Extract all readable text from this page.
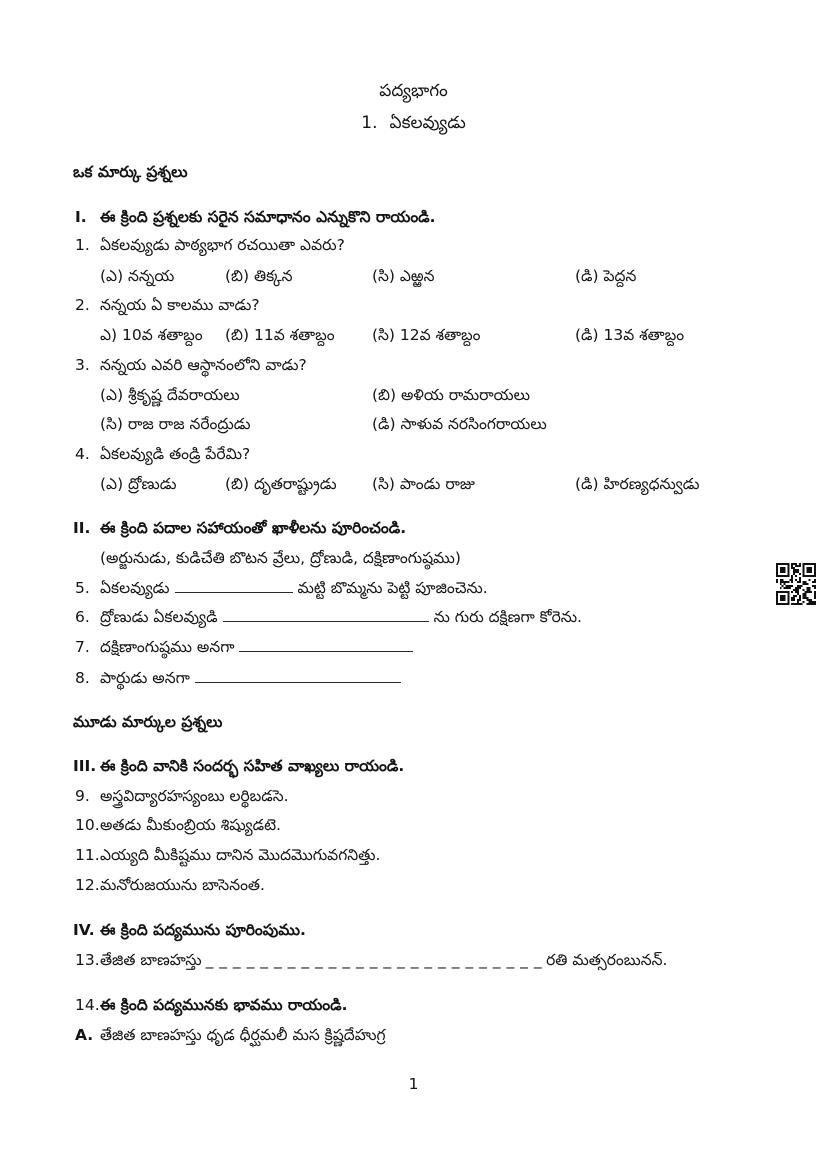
పద్యభాగం
1. ఏకలవ్యుడు
ఒక మార్కు ప్రశ్నలు
I. ఈ క్రింది ప్రశ్నలకు సరైన సమాధానం ఎన్నుకొని రాయండి.
1. ఏకలవ్యుడు పాఠ్యభాగ రచయితా ఎవరు?
(ఎ) నన్నయ	(బి) తిక్కన	(సి) ఎఱ్ఱన	(డి) పెద్దన
2. నన్నయ ఏ కాలము వాడు?
ఎ) 10వ శతాబ్దం (బి) 11వ శతాబ్దం (సి) 12వ శతాబ్దం	(డి) 13వ శతాబ్దం
3. నన్నయ ఎవరి ఆస్థానంలోని వాడు?
(ఎ) శ్రీకృష్ణ దేవరాయలు	(బి) అళియ రామరాయలు
(సి) రాజ రాజ నరేంద్రుడు	(డి) సాళువ నరసింగరాయలు
4. ఏకలవ్యుడి తండ్రి పేరేమి?
(ఎ) ద్రోణుడు	(బి) దృతరాష్ట్రుడు (సి) పాండు రాజు	(డి) హిరణ్యధన్వుడు
II. ఈ క్రింది పదాల సహాయంతో ఖాళీలను పూరించండి.
(అర్జునుడు, కుడిచేతి బొటన వ్రేలు, ద్రోణుడి, దక్షిణాంగుష్ఠము)
5. ఏకలవ్యుడు	మట్టి బొమ్మను పెట్టి పూజించెను.
6. ద్రోణుడు ఏకలవ్యుడి	ను గురు దక్షిణగా కోరెను.
7. దక్షిణాంగుష్ఠము అనగా
8. పార్థుడు అనగా
మూడు మార్కుల ప్రశ్నలు
III. ఈ క్రింది వానికి సందర్భ సహిత వాఖ్యలు రాయండి.
9. అస్త్రవిద్యారహస్యంబు లర్థిబడసె.
10. అతడు మీకుంబ్రియ శిష్యుడటె.
11. ఎయ్యది మీకిష్టము దానిన మొదమొగువగనిత్తు.
12. మనోరుజయును బాసెనంత.
IV. ఈ క్రింది పద్యమును పూరింపుము.
13. తేజిత బాణహస్తు _ _ _ _ _ _ _ _ _ _ _ _ _ _ _ _ _ _ _ _ _ _ _ _ _ రతి మత్సరంబునన్.
14. ఈ క్రింది పద్యమునకు భావము రాయండి.
A. తేజిత బాణహస్తు ధృడ ధీర్ఘమలీ మస క్రిష్ణదేహుగ్ర
1
